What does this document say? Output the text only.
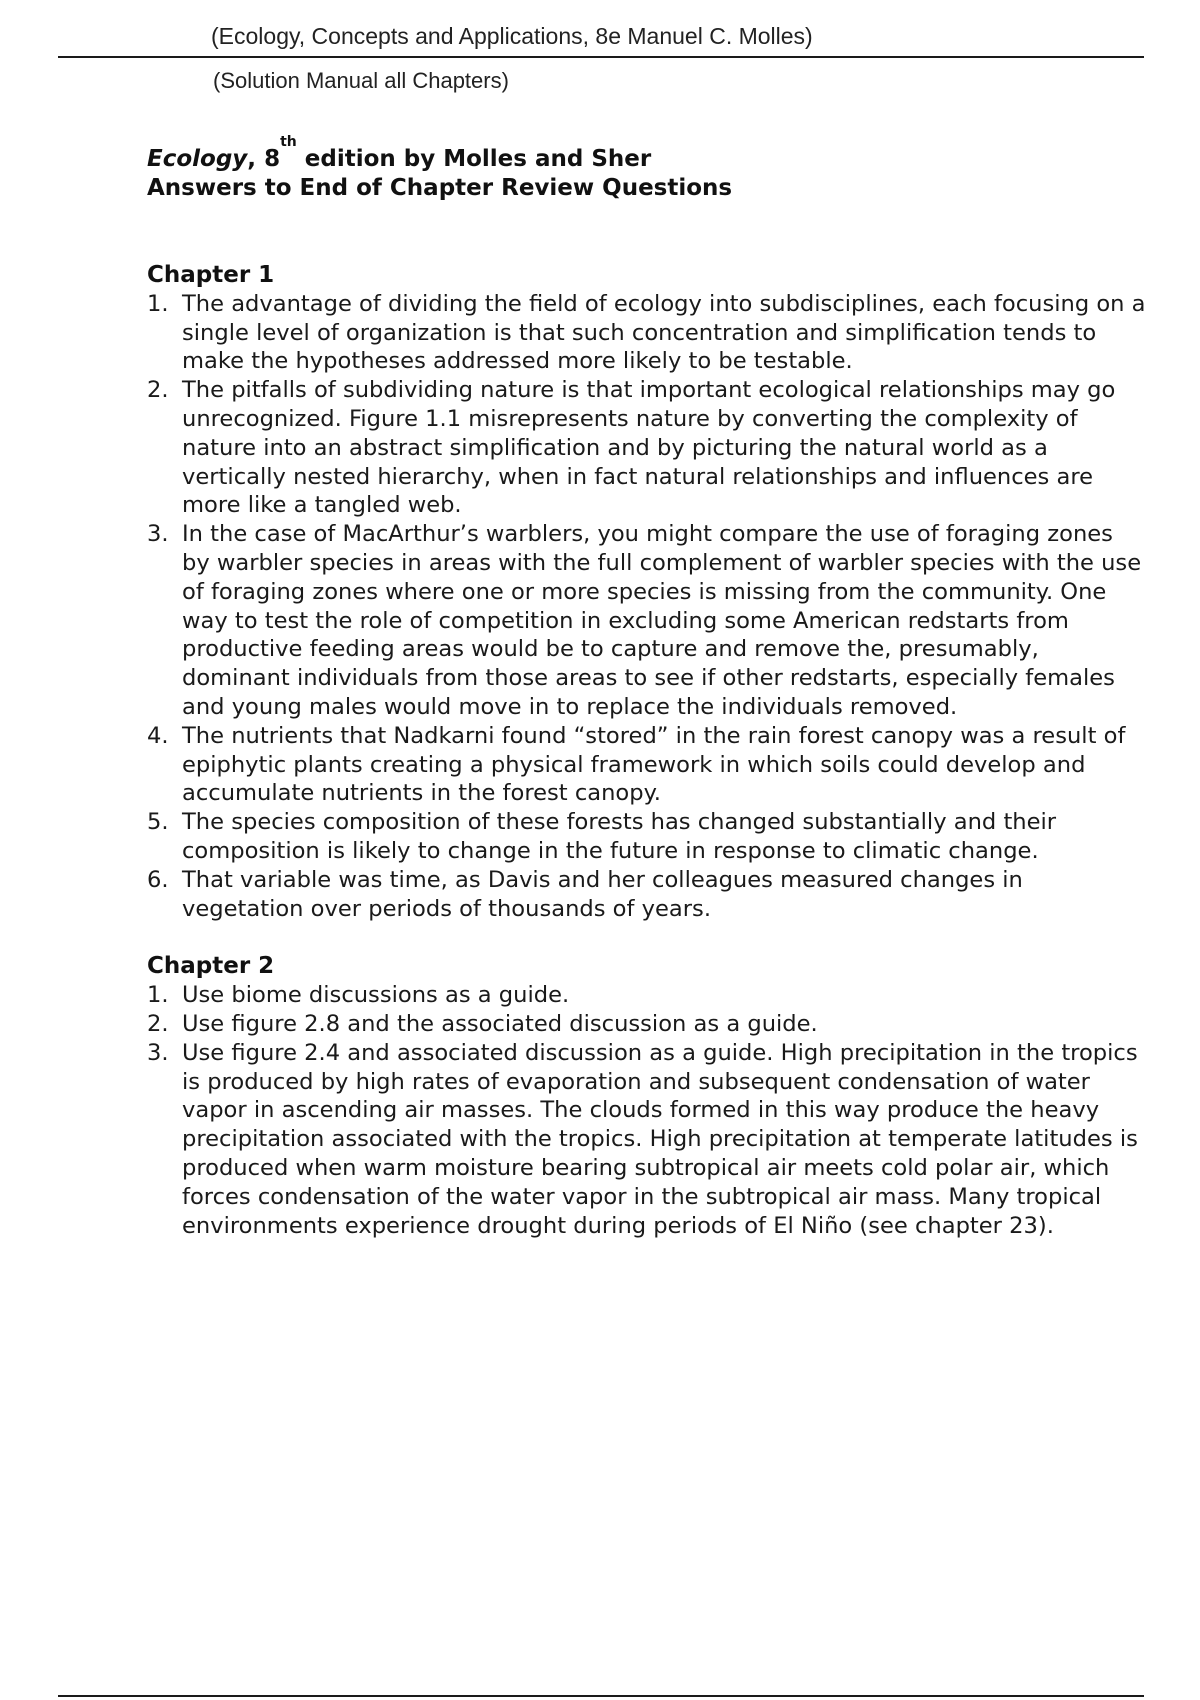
(Ecology, Concepts and Applications, 8e Manuel C. Molles)
(Solution Manual all Chapters)
Ecology, 8th edition by Molles and Sher
Answers to End of Chapter Review Questions
Chapter 1
1. The advantage of dividing the field of ecology into subdisciplines, each focusing on a single level of organization is that such concentration and simplification tends to make the hypotheses addressed more likely to be testable.
2. The pitfalls of subdividing nature is that important ecological relationships may go unrecognized. Figure 1.1 misrepresents nature by converting the complexity of nature into an abstract simplification and by picturing the natural world as a vertically nested hierarchy, when in fact natural relationships and influences are more like a tangled web.
3. In the case of MacArthur’s warblers, you might compare the use of foraging zones by warbler species in areas with the full complement of warbler species with the use of foraging zones where one or more species is missing from the community. One way to test the role of competition in excluding some American redstarts from productive feeding areas would be to capture and remove the, presumably, dominant individuals from those areas to see if other redstarts, especially females and young males would move in to replace the individuals removed.
4. The nutrients that Nadkarni found “stored” in the rain forest canopy was a result of epiphytic plants creating a physical framework in which soils could develop and accumulate nutrients in the forest canopy.
5. The species composition of these forests has changed substantially and their composition is likely to change in the future in response to climatic change.
6. That variable was time, as Davis and her colleagues measured changes in vegetation over periods of thousands of years.
Chapter 2
1. Use biome discussions as a guide.
2. Use figure 2.8 and the associated discussion as a guide.
3. Use figure 2.4 and associated discussion as a guide. High precipitation in the tropics is produced by high rates of evaporation and subsequent condensation of water vapor in ascending air masses. The clouds formed in this way produce the heavy precipitation associated with the tropics. High precipitation at temperate latitudes is produced when warm moisture bearing subtropical air meets cold polar air, which forces condensation of the water vapor in the subtropical air mass. Many tropical environments experience drought during periods of El Niño (see chapter 23).
